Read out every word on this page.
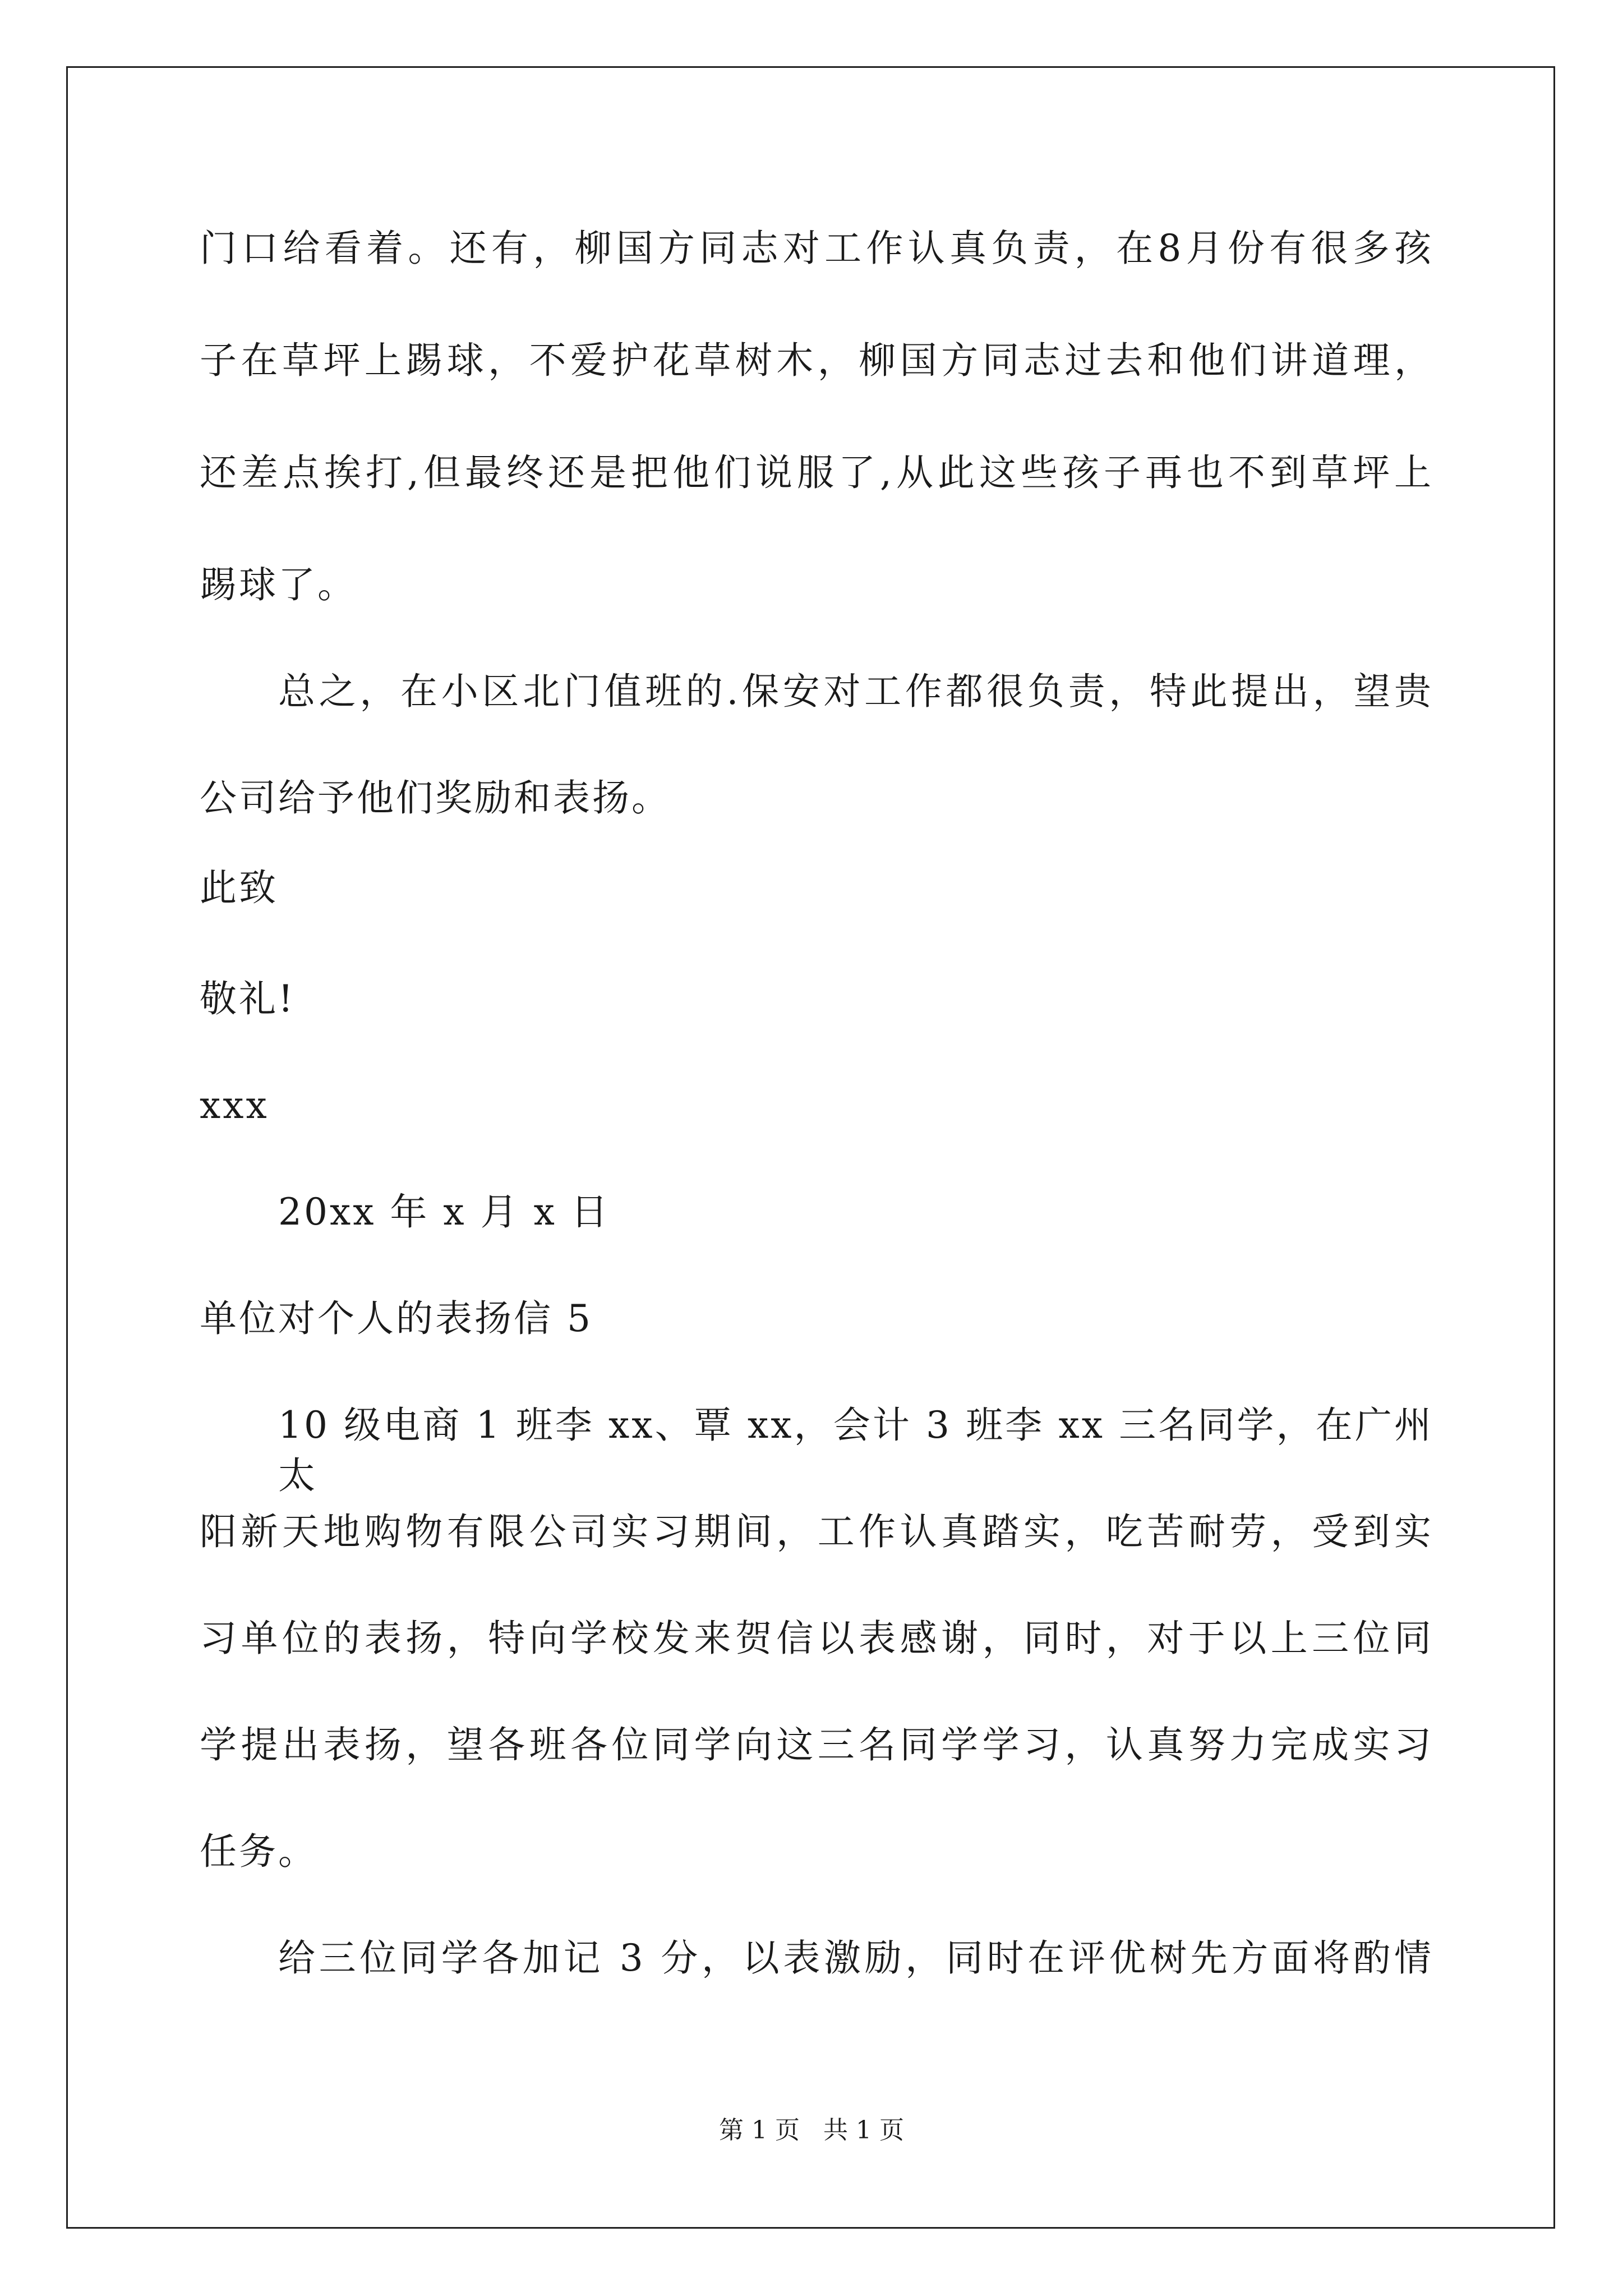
门口给看着。还有，柳国方同志对工作认真负责，在8月份有很多孩
子在草坪上踢球，不爱护花草树木，柳国方同志过去和他们讲道理，
还差点挨打,但最终还是把他们说服了,从此这些孩子再也不到草坪上
踢球了。
总之，在小区北门值班的.保安对工作都很负责，特此提出，望贵
公司给予他们奖励和表扬。
此致
敬礼!
xxx
20xx 年 x 月 x 日
单位对个人的表扬信 5
10 级电商 1 班李 xx、覃 xx，会计 3 班李 xx 三名同学，在广州太
阳新天地购物有限公司实习期间，工作认真踏实，吃苦耐劳，受到实
习单位的表扬，特向学校发来贺信以表感谢，同时，对于以上三位同
学提出表扬，望各班各位同学向这三名同学学习，认真努力完成实习
任务。
给三位同学各加记 3 分，以表激励，同时在评优树先方面将酌情
第 1 页 共 1 页
